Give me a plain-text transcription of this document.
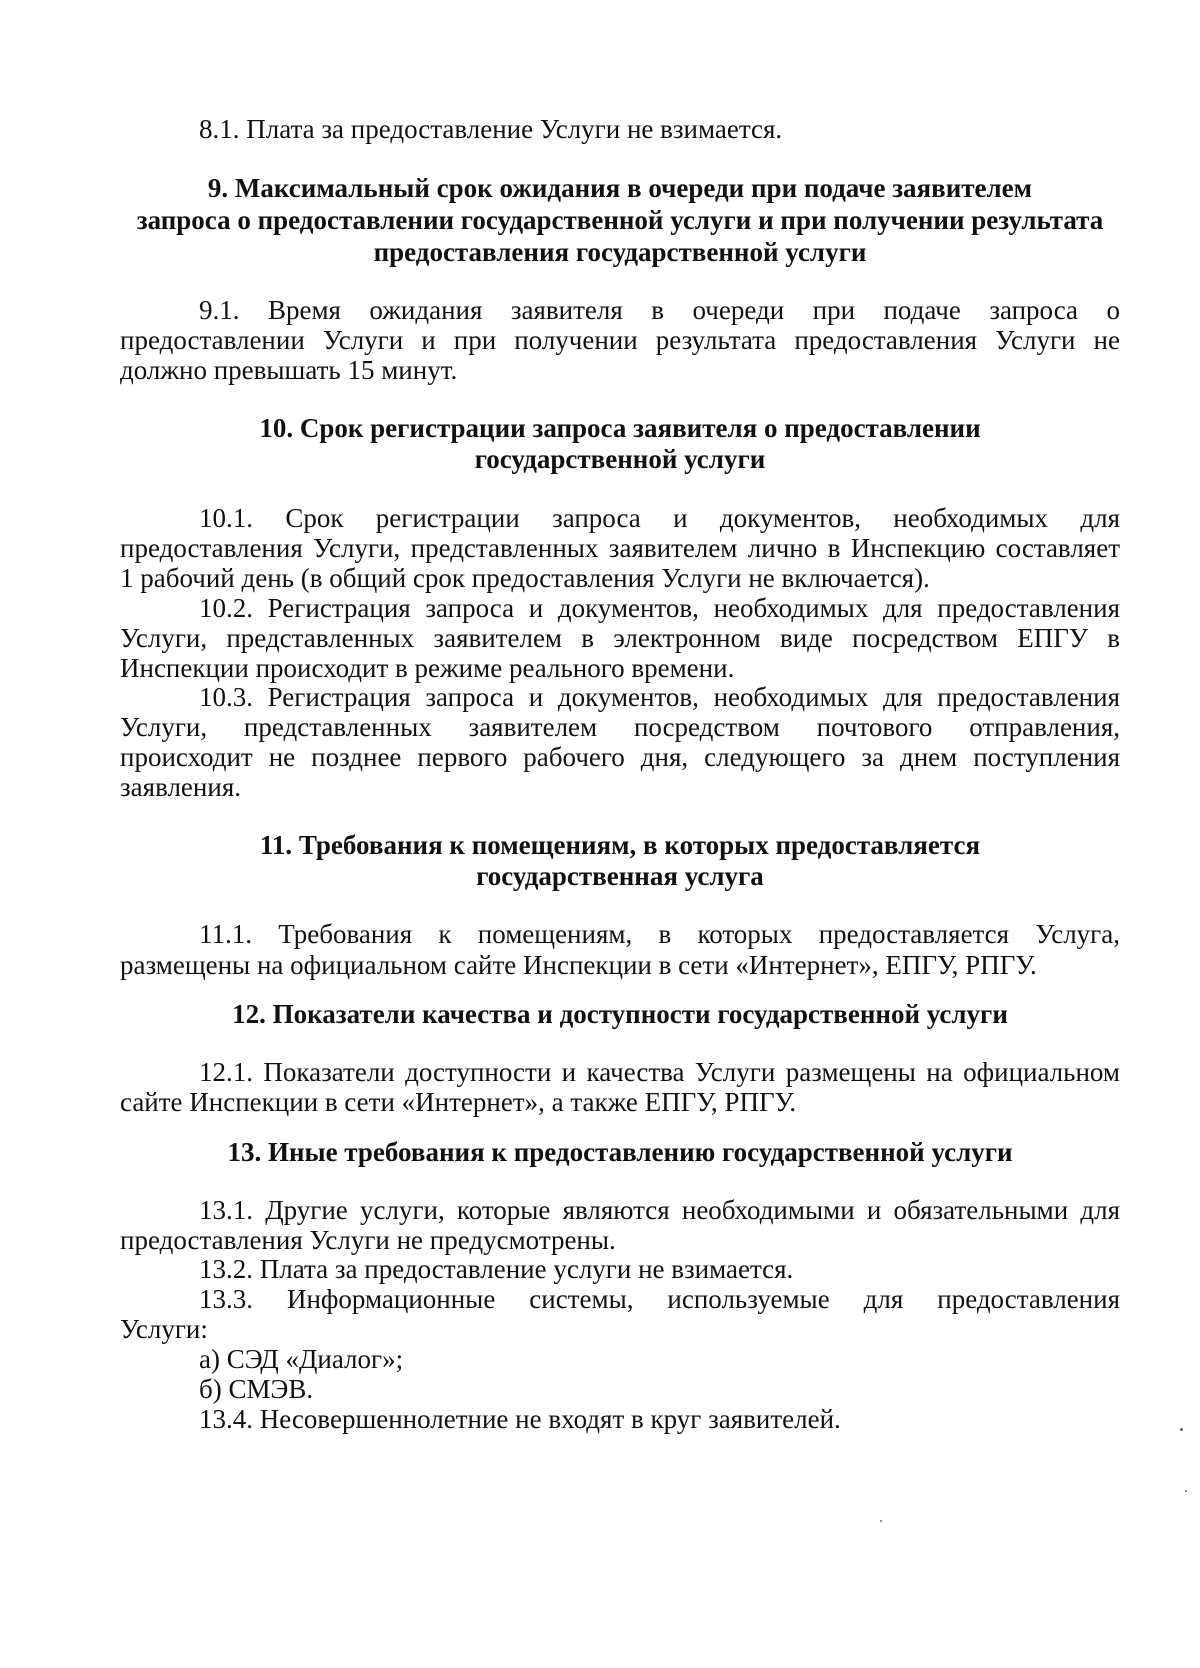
8.1. Плата за предоставление Услуги не взимается.
9. Максимальный срок ожидания в очереди при подаче заявителем
запроса о предоставлении государственной услуги и при получении результата
предоставления государственной услуги
9.1. Время ожидания заявителя в очереди при подаче запроса о
предоставлении Услуги и при получении результата предоставления Услуги не
должно превышать 15 минут.
10. Срок регистрации запроса заявителя о предоставлении
государственной услуги
10.1. Срок регистрации запроса и документов, необходимых для
предоставления Услуги, представленных заявителем лично в Инспекцию составляет
1 рабочий день (в общий срок предоставления Услуги не включается).
10.2. Регистрация запроса и документов, необходимых для предоставления
Услуги, представленных заявителем в электронном виде посредством ЕПГУ в
Инспекции происходит в режиме реального времени.
10.3. Регистрация запроса и документов, необходимых для предоставления
Услуги, представленных заявителем посредством почтового отправления,
происходит не позднее первого рабочего дня, следующего за днем поступления
заявления.
11. Требования к помещениям, в которых предоставляется
государственная услуга
11.1. Требования к помещениям, в которых предоставляется Услуга,
размещены на официальном сайте Инспекции в сети «Интернет», ЕПГУ, РПГУ.
12. Показатели качества и доступности государственной услуги
12.1. Показатели доступности и качества Услуги размещены на официальном
сайте Инспекции в сети «Интернет», а также ЕПГУ, РПГУ.
13. Иные требования к предоставлению государственной услуги
13.1. Другие услуги, которые являются необходимыми и обязательными для
предоставления Услуги не предусмотрены.
13.2. Плата за предоставление услуги не взимается.
13.3. Информационные системы, используемые для предоставления
Услуги:
а) СЭД «Диалог»;
б) СМЭВ.
13.4. Несовершеннолетние не входят в круг заявителей.
